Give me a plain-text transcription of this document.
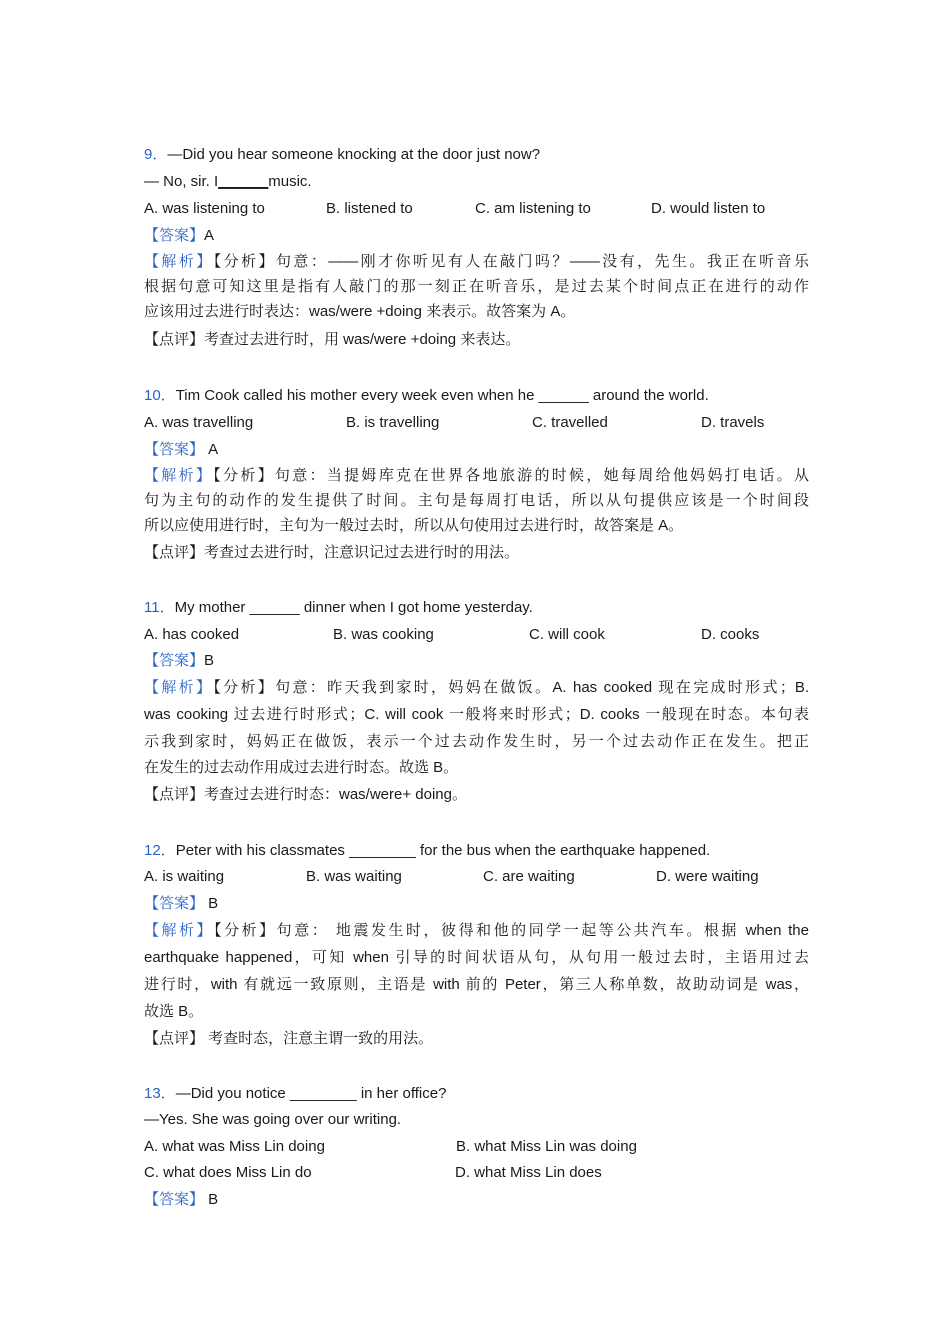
9．—Did you hear someone knocking at the door just now?
— No, sir. I______music.
A. was listening to	B. listened to	C. am listening to	D. would listen to
【答案】A
【解析】【分析】句意：——刚才你听见有人在敲门吗？——没有，先生。我正在听音乐
根据句意可知这里是指有人敲门的那一刻正在听音乐，是过去某个时间点正在进行的动作
应该用过去进行时表达：was/were +doing 来表示。故答案为 A。
【点评】考查过去进行时，用 was/were +doing 来表达。
10．Tim Cook called his mother every week even when he ______ around the world.
A. was travelling	B. is travelling	C. travelled	D. travels
【答案】 A
【解析】【分析】句意：当提姆库克在世界各地旅游的时候，她每周给他妈妈打电话。从
句为主句的动作的发生提供了时间。主句是每周打电话，所以从句提供应该是一个时间段
所以应使用进行时，主句为一般过去时，所以从句使用过去进行时，故答案是 A。
【点评】考查过去进行时，注意识记过去进行时的用法。
11．My mother ______ dinner when I got home yesterday.
A. has cooked	B. was cooking	C. will cook	D. cooks
【答案】B
【解析】【分析】句意：昨天我到家时，妈妈在做饭。A. has cooked 现在完成时形式；B.
was cooking 过去进行时形式；C. will cook 一般将来时形式；D. cooks 一般现在时态。本句表
示我到家时，妈妈正在做饭，表示一个过去动作发生时，另一个过去动作正在发生。把正
在发生的过去动作用成过去进行时态。故选 B。
【点评】考查过去进行时态：was/were+ doing。
12．Peter with his classmates ________ for the bus when the earthquake happened.
A. is waiting	B. was waiting	C. are waiting	D. were waiting
【答案】 B
【解析】【分析】句意： 地震发生时，彼得和他的同学一起等公共汽车。根据 when the
earthquake happened，可知 when 引导的时间状语从句，从句用一般过去时，主语用过去
进行时，with 有就远一致原则，主语是 with 前的 Peter，第三人称单数，故助动词是 was，
故选 B。
【点评】 考查时态，注意主谓一致的用法。
13．—Did you notice ________ in her office?
—Yes. She was going over our writing.
A. what was Miss Lin doing	B. what Miss Lin was doing
C. what does Miss Lin do	D. what Miss Lin does
【答案】 B
